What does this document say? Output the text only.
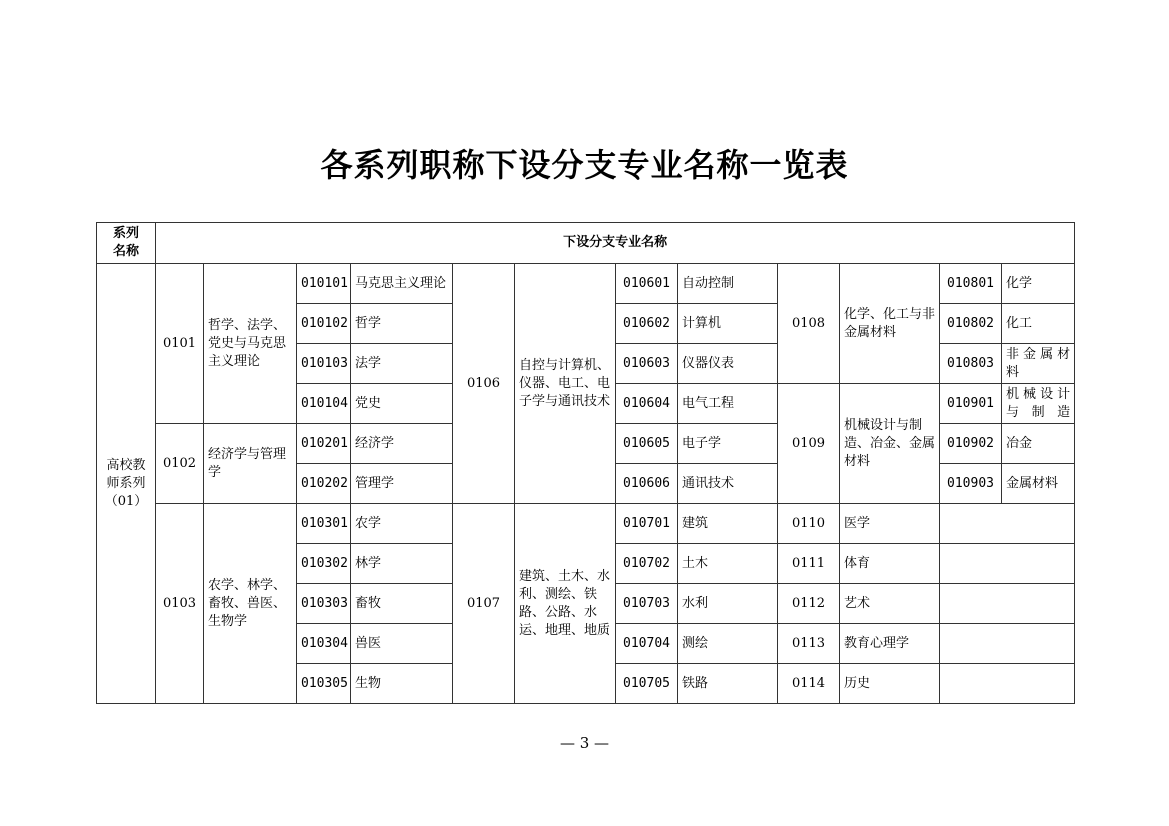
各系列职称下设分支专业名称一览表
系列
名称	下设分支专业名称											
高校教师系列（01）	0101	哲学、法学、党史与马克思主义理论	010101	马克思主义理论	0106	自控与计算机、仪器、电工、电子学与通讯技术	010601	自动控制	0108	化学、化工与非金属材料	010801	化学
			010102	哲学			010602	计算机			010802	化工
			010103	法学			010603	仪器仪表			010803	非金属材料
			010104	党史			010604	电气工程	0109	机械设计与制造、冶金、金属材料	010901	机械设计与制造
	0102	经济学与管理学	010201	经济学			010605	电子学			010902	冶金
			010202	管理学			010606	通讯技术			010903	金属材料
	0103	农学、林学、畜牧、兽医、生物学	010301	农学	0107	建筑、土木、水利、测绘、铁路、公路、水运、地理、地质	010701	建筑	0110	医学		
			010302	林学			010702	土木	0111	体育		
			010303	畜牧			010703	水利	0112	艺术		
			010304	兽医			010704	测绘	0113	教育心理学		
			010305	生物			010705	铁路	0114	历史		
— 3 —
